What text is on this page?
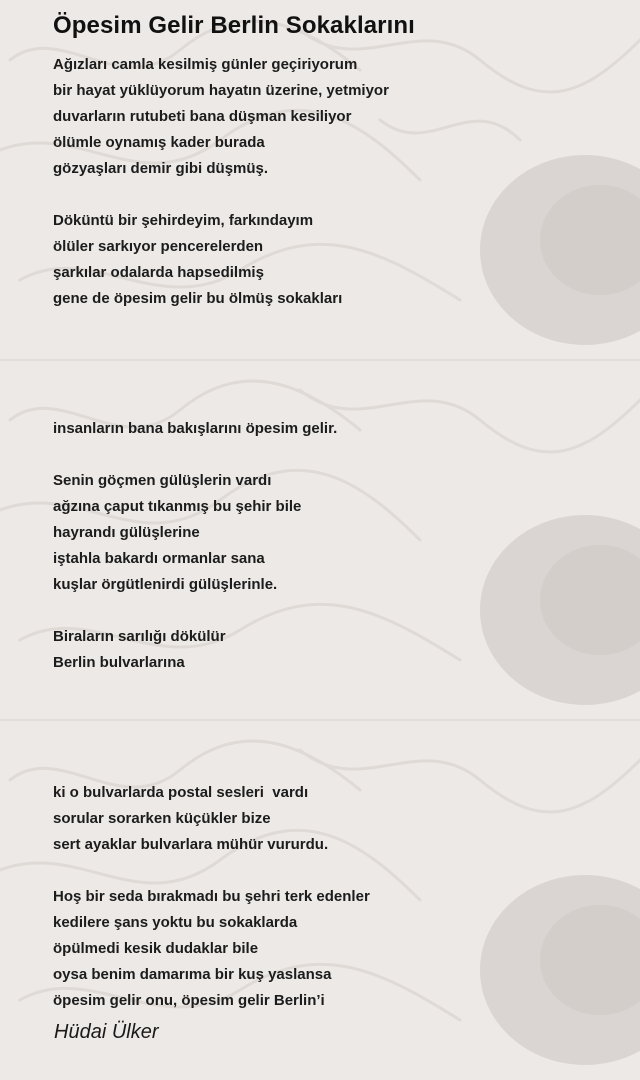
Öpesim Gelir Berlin Sokaklarını
Ağızları camla kesilmiş günler geçiriyorum
bir hayat yüklüyorum hayatın üzerine, yetmiyor
duvarların rutubeti bana düşman kesiliyor
ölümle oynamış kader burada
gözyaşları demir gibi düşmüş.
Döküntü bir şehirdeyim, farkındayım
ölüler sarkıyor pencerelerden
şarkılar odalarda hapsedilmiş
gene de öpesim gelir bu ölmüş sokakları
insanların bana bakışlarını öpesim gelir.
Senin göçmen gülüşlerin vardı
ağzına çaput tıkanmış bu şehir bile
hayrandı gülüşlerine
iştahla bakardı ormanlar sana
kuşlar örgütlenirdi gülüşlerinle.
Biraların sarılığı dökülür
Berlin bulvarlarına
ki o bulvarlarda postal sesleri  vardı
sorular sorarken küçükler bize
sert ayaklar bulvarlara mühür vururdu.
Hoş bir seda bırakmadı bu şehri terk edenler
kedilere şans yoktu bu sokaklarda
öpülmedi kesik dudaklar bile
oysa benim damarıma bir kuş yaslansa
öpesim gelir onu, öpesim gelir Berlin’i
Hüdai Ülker
